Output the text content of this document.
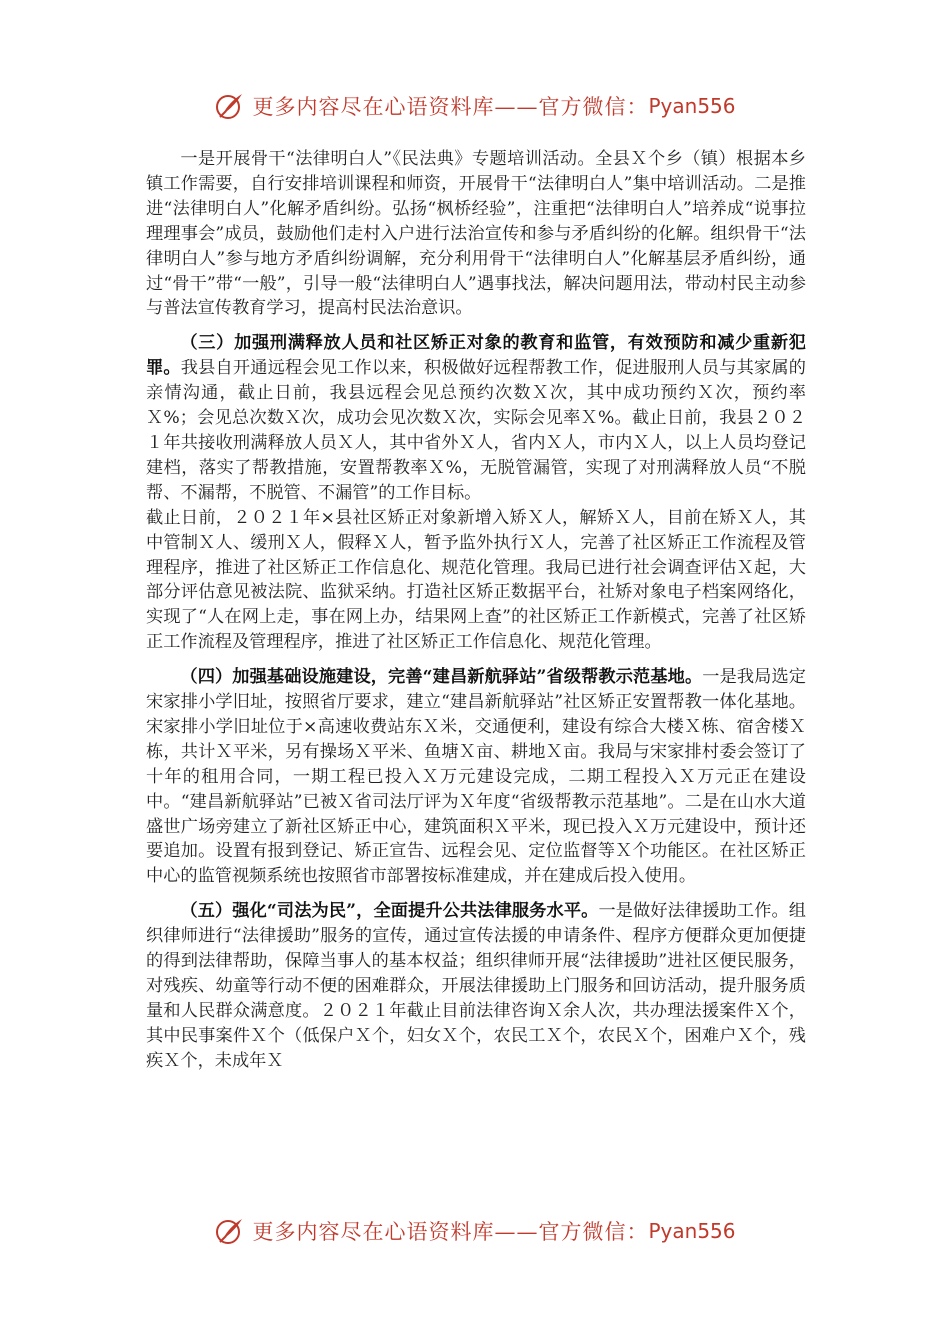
更多内容尽在心语资料库——官方微信： Pyan556

一是开展骨干“法律明白人”《民法典》专题培训活动。全县Ｘ个乡（镇）根据本乡镇工作需要，自行安排培训课程和师资，开展骨干“法律明白人”集中培训活动。二是推进“法律明白人”化解矛盾纠纷。弘扬“枫桥经验”，注重把“法律明白人”培养成“说事拉理理事会”成员，鼓励他们走村入户进行法治宣传和参与矛盾纠纷的化解。组织骨干“法律明白人”参与地方矛盾纠纷调解，充分利用骨干“法律明白人”化解基层矛盾纠纷，通过“骨干”带“一般”，引导一般“法律明白人”遇事找法，解决问题用法，带动村民主动参与普法宣传教育学习，提高村民法治意识。

（三）加强刑满释放人员和社区矫正对象的教育和监管，有效预防和减少重新犯罪。我县自开通远程会见工作以来，积极做好远程帮教工作，促进服刑人员与其家属的亲情沟通，截止日前，我县远程会见总预约次数Ｘ次，其中成功预约Ｘ次，预约率Ｘ%；会见总次数Ｘ次，成功会见次数Ｘ次，实际会见率Ｘ%。截止日前，我县２０２１年共接收刑满释放人员Ｘ人，其中省外Ｘ人，省内Ｘ人，市内Ｘ人，以上人员均登记建档，落实了帮教措施，安置帮教率Ｘ%，无脱管漏管，实现了对刑满释放人员“不脱帮、不漏帮，不脱管、不漏管”的工作目标。

截止日前，２０２１年×县社区矫正对象新增入矫Ｘ人，解矫Ｘ人，目前在矫Ｘ人，其中管制Ｘ人、缓刑Ｘ人，假释Ｘ人，暂予监外执行Ｘ人，完善了社区矫正工作流程及管理程序，推进了社区矫正工作信息化、规范化管理。我局已进行社会调查评估Ｘ起，大部分评估意见被法院、监狱采纳。打造社区矫正数据平台，社矫对象电子档案网络化，实现了“人在网上走，事在网上办，结果网上查”的社区矫正工作新模式，完善了社区矫正工作流程及管理程序，推进了社区矫正工作信息化、规范化管理。

（四）加强基础设施建设，完善“建昌新航驿站”省级帮教示范基地。一是我局选定宋家排小学旧址，按照省厅要求，建立“建昌新航驿站”社区矫正安置帮教一体化基地。宋家排小学旧址位于×高速收费站东Ｘ米，交通便利，建设有综合大楼Ｘ栋、宿舍楼Ｘ栋，共计Ｘ平米，另有操场Ｘ平米、鱼塘Ｘ亩、耕地Ｘ亩。我局与宋家排村委会签订了十年的租用合同，一期工程已投入Ｘ万元建设完成，二期工程投入Ｘ万元正在建设中。“建昌新航驿站”已被Ｘ省司法厅评为Ｘ年度“省级帮教示范基地”。二是在山水大道盛世广场旁建立了新社区矫正中心，建筑面积Ｘ平米，现已投入Ｘ万元建设中，预计还要追加。设置有报到登记、矫正宣告、远程会见、定位监督等Ｘ个功能区。在社区矫正中心的监管视频系统也按照省市部署按标准建成，并在建成后投入使用。

（五）强化“司法为民”，全面提升公共法律服务水平。一是做好法律援助工作。组织律师进行“法律援助”服务的宣传，通过宣传法援的申请条件、程序方便群众更加便捷的得到法律帮助，保障当事人的基本权益；组织律师开展“法律援助”进社区便民服务，对残疾、幼童等行动不便的困难群众，开展法律援助上门服务和回访活动，提升服务质量和人民群众满意度。２０２１年截止目前法律咨询Ｘ余人次，共办理法援案件Ｘ个，其中民事案件Ｘ个（低保户Ｘ个，妇女Ｘ个，农民工Ｘ个，农民Ｘ个，困难户Ｘ个，残疾Ｘ个，未成年Ｘ

更多内容尽在心语资料库——官方微信： Pyan556
